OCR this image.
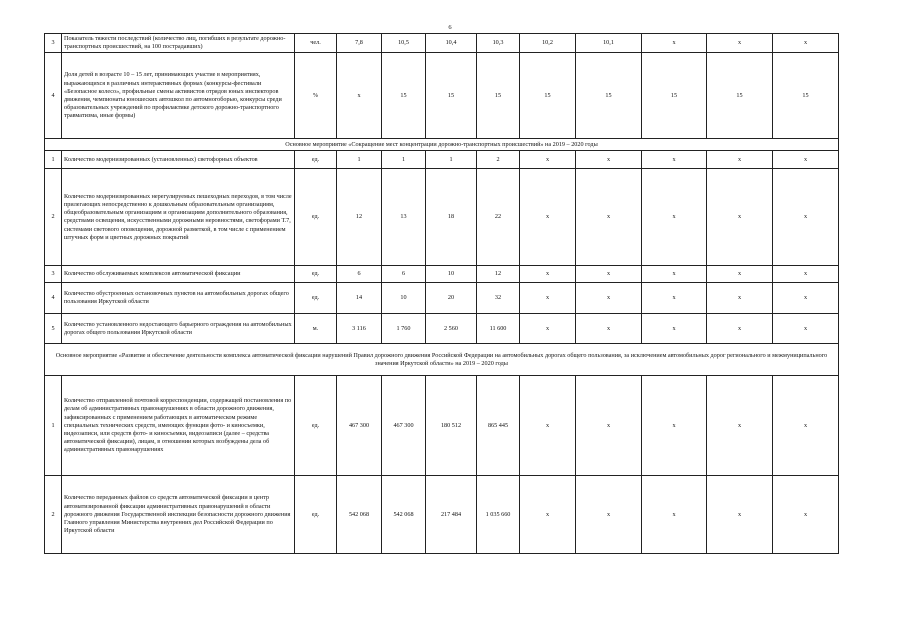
6
3	Показатель тяжести последствий (количество лиц, погибших в результате дорожно-транспортных происшествий, на 100 пострадавших)	чел.	7,8	10,5	10,4	10,3	10,2	10,1	x	x	x
4	Доля детей в возрасте 10 – 15 лет, принимающих участие в мероприятиях, выражающихся в различных интерактивных формах (конкурсы-фестивали «Безопасное колесо», профильные смены активистов отрядов юных инспекторов движения, чемпионаты юношеских автошкол по автомногоборью, конкурсы среди образовательных учреждений по профилактике детского дорожно-транспортного травматизма, иные формы)	%	x	15	15	15	15	15	15	15	15
Основное мероприятие «Сокращение мест концентрации дорожно-транспортных происшествий» на 2019 – 2020 годы											
1	Количество модернизированных (установленных) светофорных объектов	ед.	1	1	1	2	x	x	x	x	x
2	Количество модернизированных нерегулируемых пешеходных переходов, в том числе прилегающих непосредственно к дошкольным образовательным организациям, общеобразовательным организациям и организациям дополнительного образования, средствами освещения, искусственными дорожными неровностями, светофорами Т.7, системами светового оповещения, дорожной разметкой, в том числе с применением штучных форм и цветных дорожных покрытий	ед.	12	13	18	22	x	x	x	x	x
3	Количество обслуживаемых комплексов автоматической фиксации	ед.	6	6	10	12	x	x	x	x	x
4	Количество обустроенных остановочных пунктов на автомобильных дорогах общего пользования Иркутской области	ед.	14	10	20	32	x	x	x	x	x
5	Количество установленного недостающего барьерного ограждения на автомобильных дорогах общего пользования Иркутской области	м.	3 116	1 760	2 560	11 600	x	x	x	x	x
Основное мероприятие «Развитие и обеспечение деятельности комплекса автоматической фиксации нарушений Правил дорожного движения Российской Федерации на автомобильных дорогах общего пользования, за исключением автомобильных дорог регионального и межмуниципального значения Иркутской области» на 2019 – 2020 годы											
1	Количество отправленной почтовой корреспонденции, содержащей постановления по делам об административных правонарушениях в области дорожного движения, зафиксированных с применением работающих в автоматическом режиме специальных технических средств, имеющих функции фото- и киносъемки, видеозаписи, или средств фото- и киносъемки, видеозаписи (далее – средства автоматической фиксации), лицам, в отношении которых возбуждены дела об административных правонарушениях	ед.	467 300	467 300	180 512	865 445	x	x	x	x	x
2	Количество переданных файлов со средств автоматической фиксации в центр автоматизированной фиксации административных правонарушений в области дорожного движения Государственной инспекции безопасности дорожного движения Главного управления Министерства внутренних дел Российской Федерации по Иркутской области	ед.	542 068	542 068	217 484	1 035 660	x	x	x	x	x
